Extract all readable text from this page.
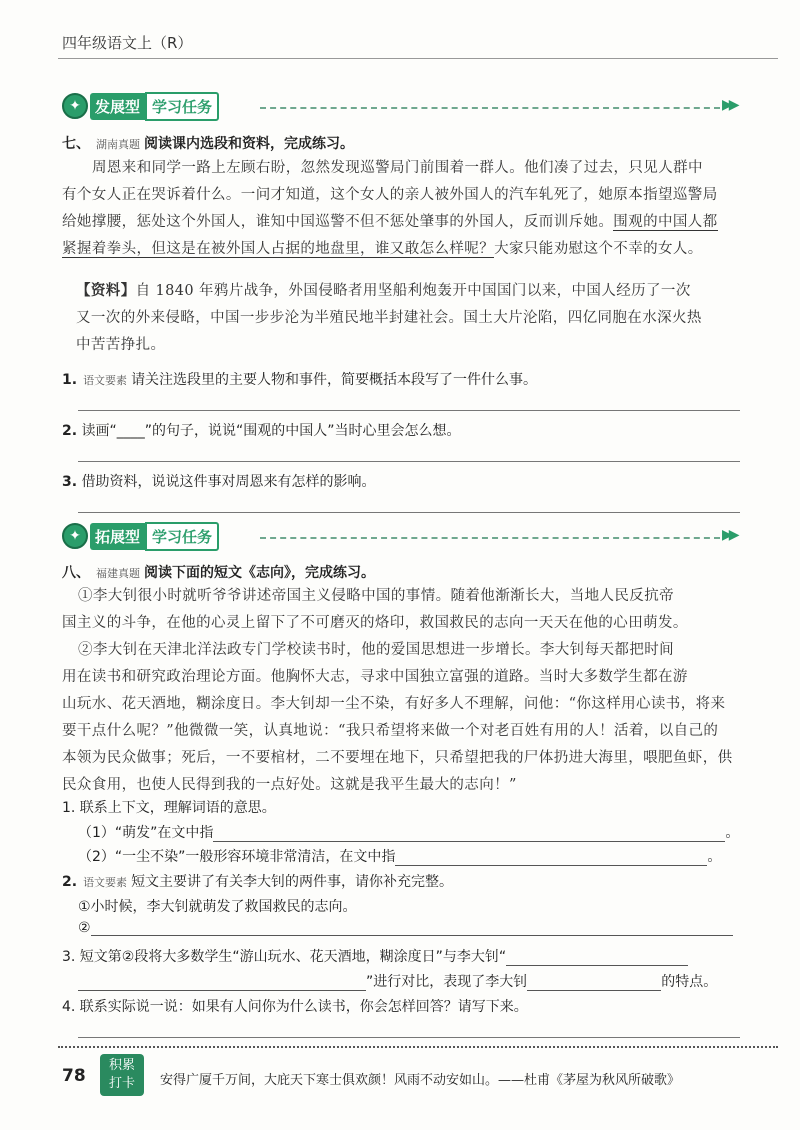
四年级语文上（R）
✦ 发展型 学习任务	▶▶
七、 湖南真题 阅读课内选段和资料，完成练习。
周恩来和同学一路上左顾右盼，忽然发现巡警局门前围着一群人。他们凑了过去，只见人群中
有个女人正在哭诉着什么。一问才知道，这个女人的亲人被外国人的汽车轧死了，她原本指望巡警局
给她撑腰，惩处这个外国人，谁知中国巡警不但不惩处肇事的外国人，反而训斥她。围观的中国人都
紧握着拳头，但这是在被外国人占据的地盘里，谁又敢怎么样呢？大家只能劝慰这个不幸的女人。
【资料】自 1840 年鸦片战争，外国侵略者用坚船利炮轰开中国国门以来，中国人经历了一次
又一次的外来侵略，中国一步步沦为半殖民地半封建社会。国土大片沦陷，四亿同胞在水深火热
中苦苦挣扎。
1. 语文要素 请关注选段里的主要人物和事件，简要概括本段写了一件什么事。
2. 读画“____”的句子，说说“围观的中国人”当时心里会怎么想。
3. 借助资料，说说这件事对周恩来有怎样的影响。
✦ 拓展型 学习任务	▶▶
八、 福建真题 阅读下面的短文《志向》，完成练习。
①李大钊很小时就听爷爷讲述帝国主义侵略中国的事情。随着他渐渐长大，当地人民反抗帝
国主义的斗争，在他的心灵上留下了不可磨灭的烙印，救国救民的志向一天天在他的心田萌发。
②李大钊在天津北洋法政专门学校读书时，他的爱国思想进一步增长。李大钊每天都把时间
用在读书和研究政治理论方面。他胸怀大志，寻求中国独立富强的道路。当时大多数学生都在游
山玩水、花天酒地，糊涂度日。李大钊却一尘不染，有好多人不理解，问他：“你这样用心读书，将来
要干点什么呢？”他微微一笑，认真地说：“我只希望将来做一个对老百姓有用的人！活着，以自己的
本领为民众做事；死后，一不要棺材，二不要埋在地下，只希望把我的尸体扔进大海里，喂肥鱼虾，供
民众食用，也使人民得到我的一点好处。这就是我平生最大的志向！”
1. 联系上下文，理解词语的意思。
（1）“萌发”在文中指	。
（2）“一尘不染”一般形容环境非常清洁，在文中指	。
2. 语文要素 短文主要讲了有关李大钊的两件事，请你补充完整。
①小时候，李大钊就萌发了救国救民的志向。
②
3. 短文第②段将大多数学生“游山玩水、花天酒地，糊涂度日”与李大钊“
”进行对比，表现了李大钊	的特点。
4. 联系实际说一说：如果有人问你为什么读书，你会怎样回答？请写下来。
78
积累
打卡	安得广厦千万间，大庇天下寒士俱欢颜！风雨不动安如山。——杜甫《茅屋为秋风所破歌》
